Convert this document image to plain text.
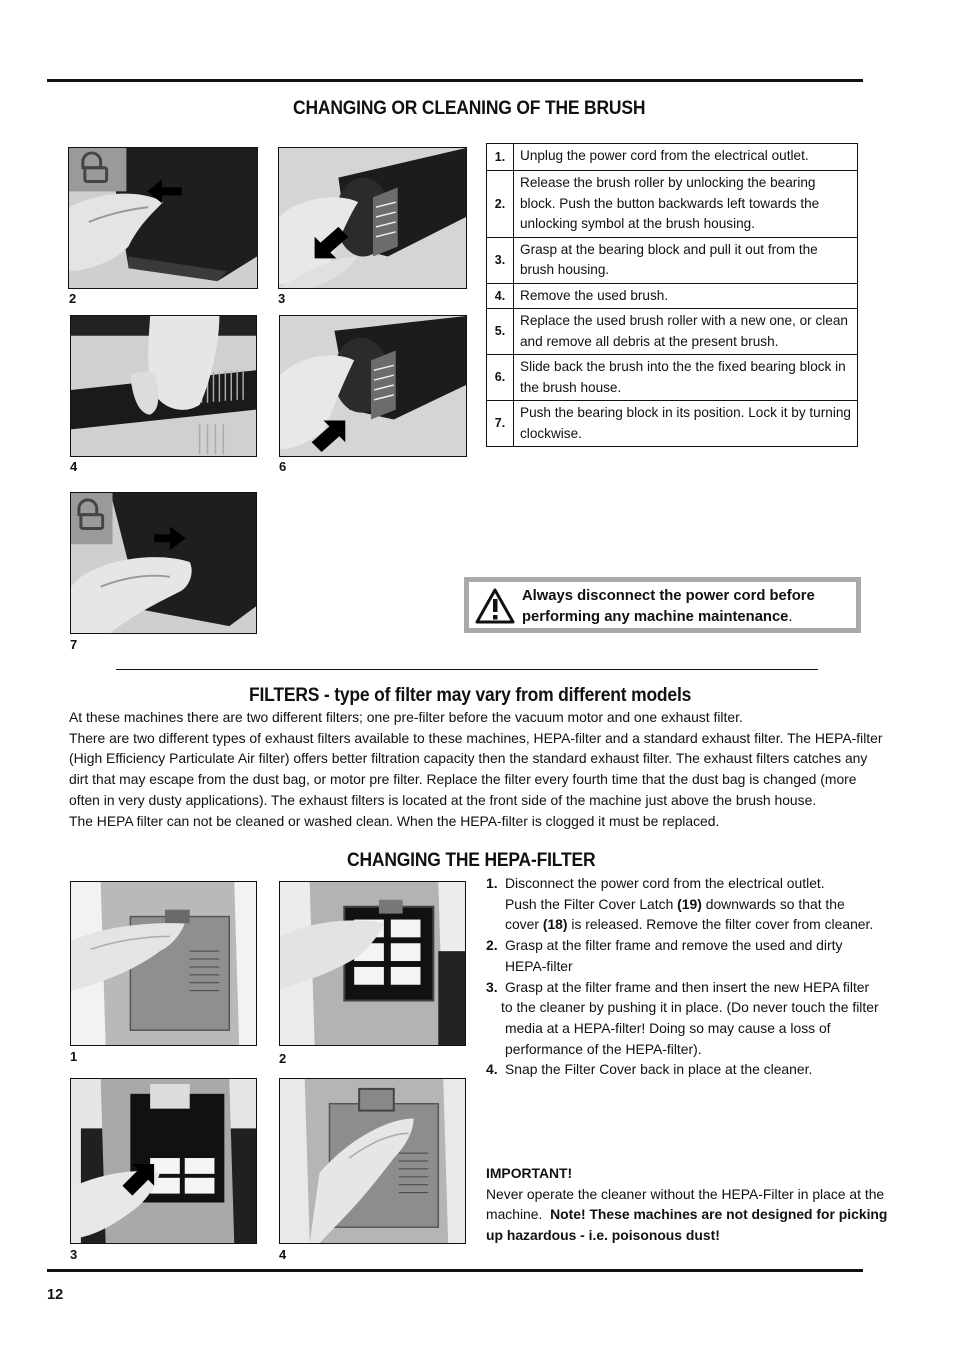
CHANGING OR CLEANING OF THE BRUSH
2	3
4	6
7
1.	Unplug the power cord from the electrical outlet.
2.	Release the brush roller by unlocking the bearing block. Push the button backwards left towards the unlocking symbol at the brush housing.
3.	Grasp at the bearing block and pull it out from the brush housing.
4.	Remove the used brush.
5.	Replace the used brush roller with a new one, or clean and remove all debris at the present brush.
6.	Slide back the brush into the the fixed bearing block in the brush house.
7.	Push the bearing block in its position. Lock it by turning clockwise.
Always disconnect the power cord before performing any machine maintenance.
FILTERS - type of filter may vary from different models

At these machines there are two different filters; one pre-filter before the vacuum motor and one exhaust filter.

There are two different types of exhaust filters available to these machines, HEPA-filter and a standard exhaust filter. The HEPA-filter

(High Efficiency Particulate Air filter) offers better filtration capacity then the standard exhaust filter. The exhaust filters catches any

dirt that may escape from the dust bag, or motor pre filter. Replace the filter every fourth time that the dust bag is changed (more

often in very dusty applications). The exhaust filters is located at the front side of the machine just above the brush house.

The HEPA filter can not be cleaned or washed clean. When the HEPA-filter is clogged it must be replaced.

CHANGING THE HEPA-FILTER
1	2
3	4
1. Disconnect the power cord from the electrical outlet.
Push the Filter Cover Latch (19) downwards so that the
cover (18) is released. Remove the filter cover from cleaner.
2. Grasp at the filter frame and remove the used and dirty
HEPA-filter
3. Grasp at the filter frame and then insert the new HEPA filter
to the cleaner by pushing it in place. (Do never touch the filter
media at a HEPA-filter! Doing so may cause a loss of
performance of the HEPA-filter).
4. Snap the Filter Cover back in place at the cleaner.

IMPORTANT!

Never operate the cleaner without the HEPA-Filter in place at the

machine.  Note! These machines are not designed for picking

up hazardous - i.e. poisonous dust!

12
